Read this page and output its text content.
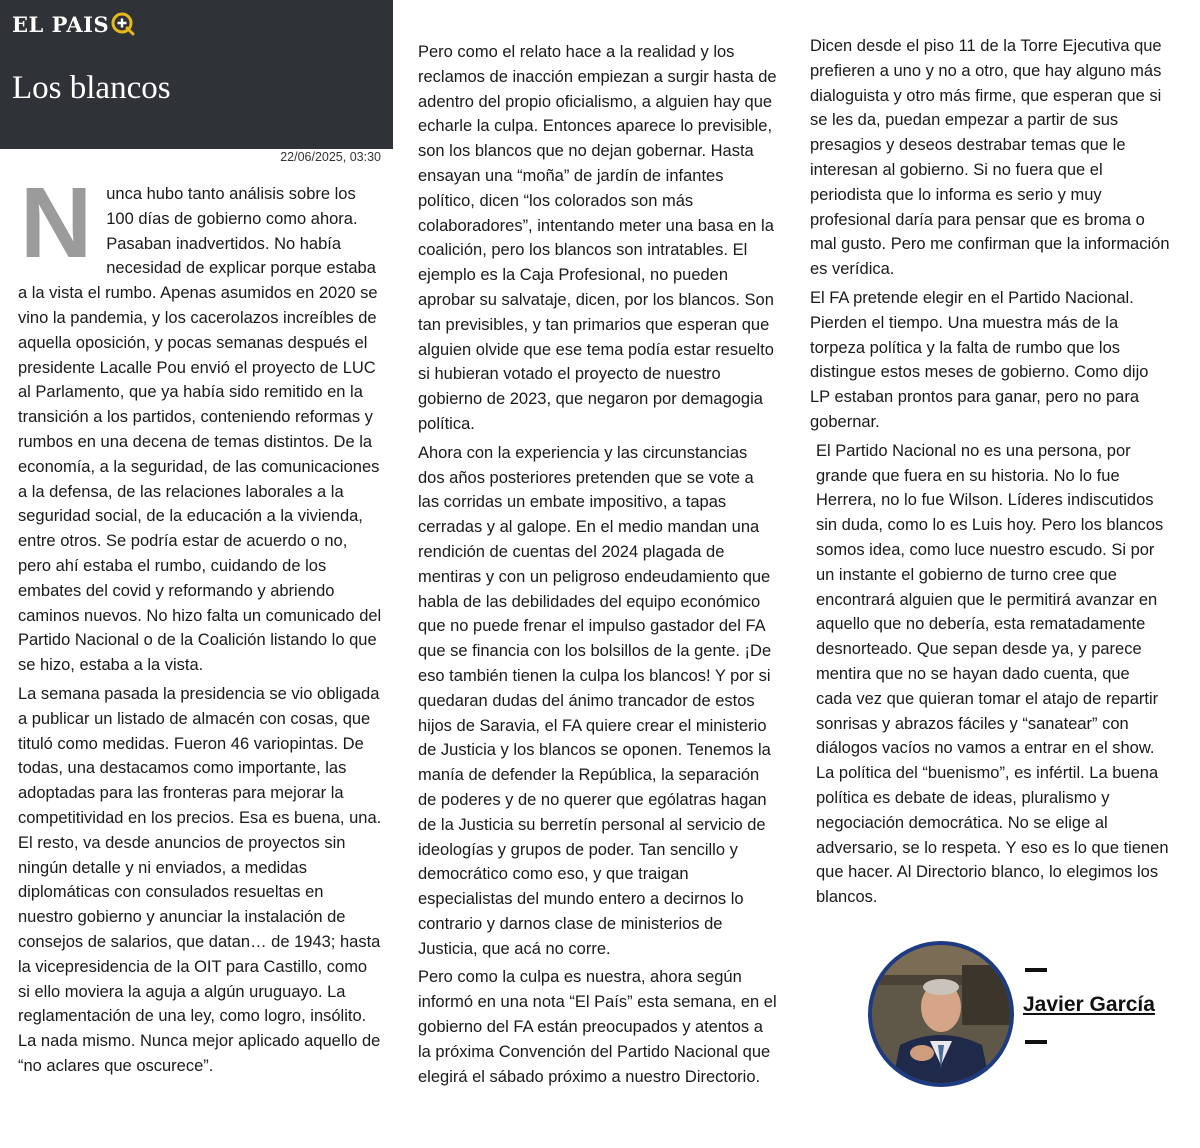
EL PAIS
Los blancos
22/06/2025, 03:30

Nunca hubo tanto análisis sobre los 100 días de gobierno como ahora. Pasaban inadvertidos. No había necesidad de explicar porque estaba a la vista el rumbo. Apenas asumidos en 2020 se vino la pandemia, y los cacerolazos increíbles de aquella oposición, y pocas semanas después el presidente Lacalle Pou envió el proyecto de LUC al Parlamento, que ya había sido remitido en la transición a los partidos, conteniendo reformas y rumbos en una decena de temas distintos. De la economía, a la seguridad, de las comunicaciones a la defensa, de las relaciones laborales a la seguridad social, de la educación a la vivienda, entre otros. Se podría estar de acuerdo o no, pero ahí estaba el rumbo, cuidando de los embates del covid y reformando y abriendo caminos nuevos. No hizo falta un comunicado del Partido Nacional o de la Coalición listando lo que se hizo, estaba a la vista.

La semana pasada la presidencia se vio obligada a publicar un listado de almacén con cosas, que tituló como medidas. Fueron 46 variopintas. De todas, una destacamos como importante, las adoptadas para las fronteras para mejorar la competitividad en los precios. Esa es buena, una. El resto, va desde anuncios de proyectos sin ningún detalle y ni enviados, a medidas diplomáticas con consulados resueltas en nuestro gobierno y anunciar la instalación de consejos de salarios, que datan… de 1943; hasta la vicepresidencia de la OIT para Castillo, como si ello moviera la aguja a algún uruguayo. La reglamentación de una ley, como logro, insólito. La nada mismo. Nunca mejor aplicado aquello de “no aclares que oscurece”.

Pero como el relato hace a la realidad y los reclamos de inacción empiezan a surgir hasta de adentro del propio oficialismo, a alguien hay que echarle la culpa. Entonces aparece lo previsible, son los blancos que no dejan gobernar. Hasta ensayan una “moña” de jardín de infantes político, dicen “los colorados son más colaboradores”, intentando meter una basa en la coalición, pero los blancos son intratables. El ejemplo es la Caja Profesional, no pueden aprobar su salvataje, dicen, por los blancos. Son tan previsibles, y tan primarios que esperan que alguien olvide que ese tema podía estar resuelto si hubieran votado el proyecto de nuestro gobierno de 2023, que negaron por demagogia política.

Ahora con la experiencia y las circunstancias dos años posteriores pretenden que se vote a las corridas un embate impositivo, a tapas cerradas y al galope. En el medio mandan una rendición de cuentas del 2024 plagada de mentiras y con un peligroso endeudamiento que habla de las debilidades del equipo económico que no puede frenar el impulso gastador del FA que se financia con los bolsillos de la gente. ¡De eso también tienen la culpa los blancos! Y por si quedaran dudas del ánimo trancador de estos hijos de Saravia, el FA quiere crear el ministerio de Justicia y los blancos se oponen. Tenemos la manía de defender la República, la separación de poderes y de no querer que ególatras hagan de la Justicia su berretín personal al servicio de ideologías y grupos de poder. Tan sencillo y democrático como eso, y que traigan especialistas del mundo entero a decirnos lo contrario y darnos clase de ministerios de Justicia, que acá no corre.

Pero como la culpa es nuestra, ahora según informó en una nota “El País” esta semana, en el gobierno del FA están preocupados y atentos a la próxima Convención del Partido Nacional que elegirá el sábado próximo a nuestro Directorio.

Dicen desde el piso 11 de la Torre Ejecutiva que prefieren a uno y no a otro, que hay alguno más dialoguista y otro más firme, que esperan que si se les da, puedan empezar a partir de sus presagios y deseos destrabar temas que le interesan al gobierno. Si no fuera que el periodista que lo informa es serio y muy profesional daría para pensar que es broma o mal gusto. Pero me confirman que la información es verídica.

El FA pretende elegir en el Partido Nacional. Pierden el tiempo. Una muestra más de la torpeza política y la falta de rumbo que los distingue estos meses de gobierno. Como dijo LP estaban prontos para ganar, pero no para gobernar.

El Partido Nacional no es una persona, por grande que fuera en su historia. No lo fue Herrera, no lo fue Wilson. Líderes indiscutidos sin duda, como lo es Luis hoy. Pero los blancos somos idea, como luce nuestro escudo. Si por un instante el gobierno de turno cree que encontrará alguien que le permitirá avanzar en aquello que no debería, esta rematadamente desnorteado. Que sepan desde ya, y parece mentira que no se hayan dado cuenta, que cada vez que quieran tomar el atajo de repartir sonrisas y abrazos fáciles y “sanatear” con diálogos vacíos no vamos a entrar en el show. La política del “buenismo”, es infértil. La buena política es debate de ideas, pluralismo y negociación democrática. No se elige al adversario, se lo respeta. Y eso es lo que tienen que hacer. Al Directorio blanco, lo elegimos los blancos.

Javier García
